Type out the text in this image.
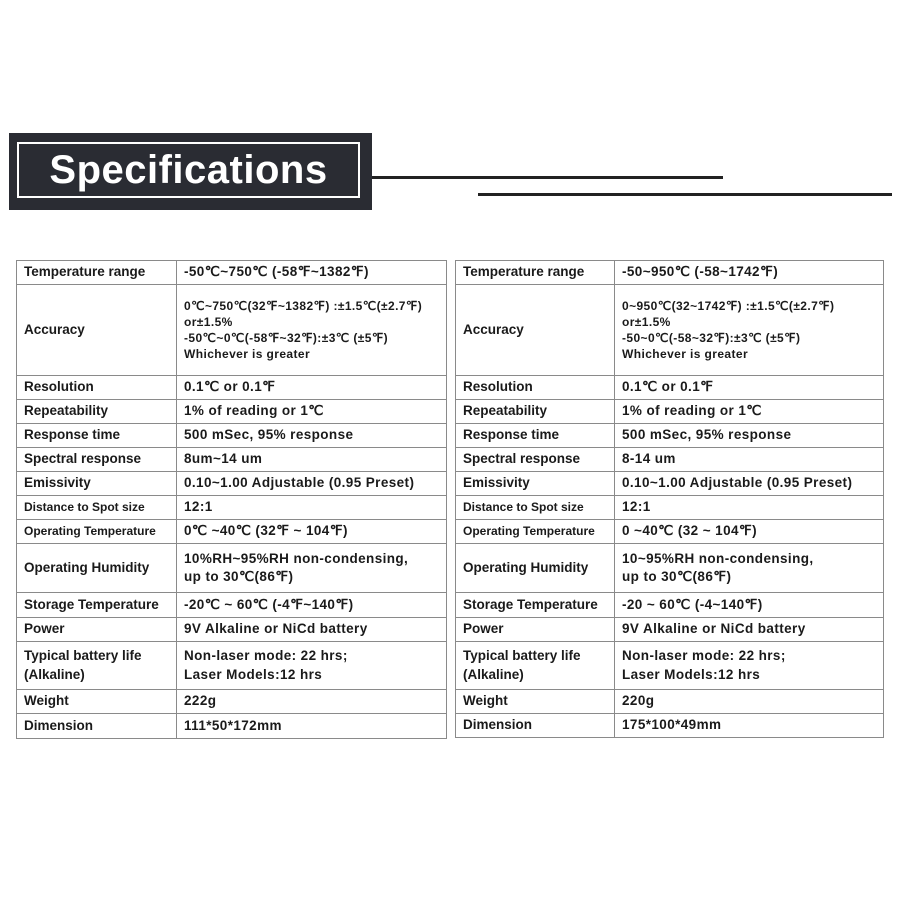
Specifications
Temperature range	-50℃~750℃ (-58℉~1382℉)

Accuracy	0℃~750℃(32℉~1382℉) :±1.5℃(±2.7℉)
or±1.5%
-50℃~0℃(-58℉~32℉):±3℃ (±5℉)
Whichever is greater

Resolution	0.1℃ or 0.1℉

Repeatability	1% of reading or 1℃

Response time	500 mSec, 95% response

Spectral response	8um~14 um

Emissivity	0.10~1.00 Adjustable (0.95 Preset)

Distance to Spot size	12:1

Operating Temperature	0℃ ~40℃ (32℉ ~ 104℉)

Operating Humidity	10%RH~95%RH non-condensing,
up to 30℃(86℉)

Storage Temperature	-20℃ ~ 60℃ (-4℉~140℉)

Power	9V Alkaline or NiCd battery

Typical battery life
(Alkaline)	Non-laser mode: 22 hrs;
Laser Models:12 hrs

Weight	222g

Dimension	111*50*172mm
Temperature range	-50~950℃ (-58~1742℉)

Accuracy	0~950℃(32~1742℉) :±1.5℃(±2.7℉)
or±1.5%
-50~0℃(-58~32℉):±3℃ (±5℉)
Whichever is greater

Resolution	0.1℃ or 0.1℉

Repeatability	1% of reading or 1℃

Response time	500 mSec, 95% response

Spectral response	8-14 um

Emissivity	0.10~1.00 Adjustable (0.95 Preset)

Distance to Spot size	12:1

Operating Temperature	0 ~40℃ (32 ~ 104℉)

Operating Humidity	10~95%RH non-condensing,
up to 30℃(86℉)

Storage Temperature	-20 ~ 60℃ (-4~140℉)

Power	9V Alkaline or NiCd battery

Typical battery life
(Alkaline)	Non-laser mode: 22 hrs;
Laser Models:12 hrs

Weight	220g

Dimension	175*100*49mm
